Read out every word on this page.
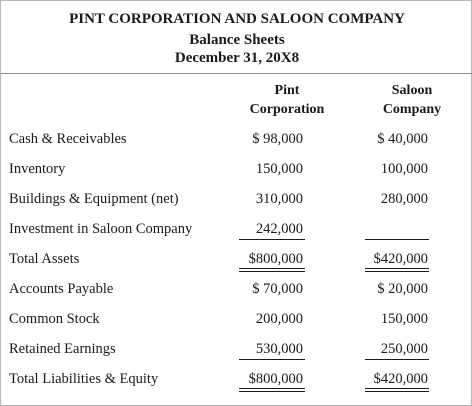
PINT CORPORATION AND SALOON COMPANY
Balance Sheets
December 31, 20X8
Pint
Corporation
Saloon
Company
Cash & Receivables	$ 98,000	$ 40,000
Inventory	150,000	100,000
Buildings & Equipment (net)	310,000	280,000
Investment in Saloon Company	242,000
Total Assets	$800,000	$420,000
Accounts Payable	$ 70,000	$ 20,000
Common Stock	200,000	150,000
Retained Earnings	530,000	250,000
Total Liabilities & Equity	$800,000	$420,000
